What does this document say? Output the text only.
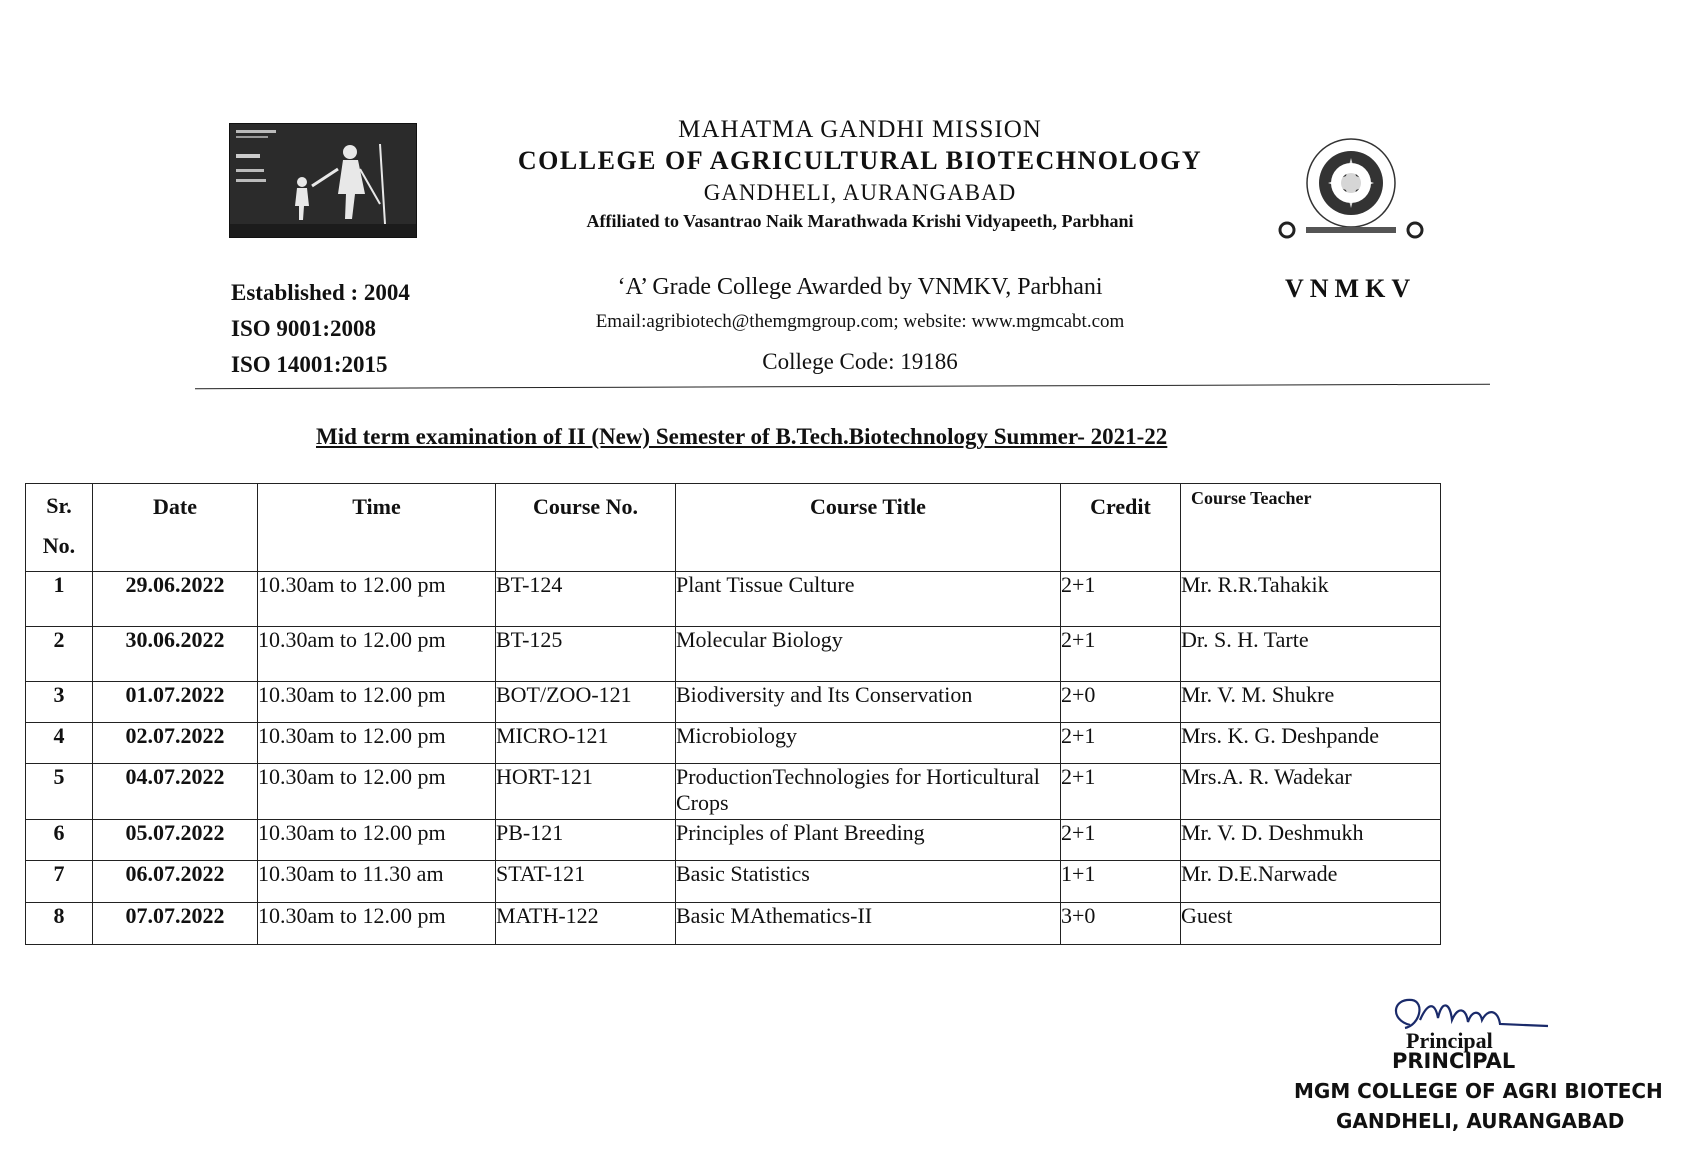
MAHATMA GANDHI MISSION
COLLEGE OF AGRICULTURAL BIOTECHNOLOGY
GANDHELI, AURANGABAD
Affiliated to Vasantrao Naik Marathwada Krishi Vidyapeeth, Parbhani
VNMKV
Established : 2004
ISO 9001:2008
ISO 14001:2015
‘A’ Grade College Awarded by VNMKV, Parbhani
Email:agribiotech@themgmgroup.com; website: www.mgmcabt.com
College Code: 19186
Mid term examination of II (New) Semester of B.Tech.Biotechnology Summer- 2021-22
Sr.
No.	Date	Time	Course No.	Course Title	Credit	Course Teacher
1	29.06.2022	10.30am to 12.00 pm	BT-124	Plant Tissue Culture	2+1	Mr. R.R.Tahakik
2	30.06.2022	10.30am to 12.00 pm	BT-125	Molecular Biology	2+1	Dr. S. H. Tarte
3	01.07.2022	10.30am to 12.00 pm	BOT/ZOO-121	Biodiversity and Its Conservation	2+0	Mr. V. M. Shukre
4	02.07.2022	10.30am to 12.00 pm	MICRO-121	Microbiology	2+1	Mrs. K. G. Deshpande
5	04.07.2022	10.30am to 12.00 pm	HORT-121	ProductionTechnologies for Horticultural Crops	2+1	Mrs.A. R. Wadekar
6	05.07.2022	10.30am to 12.00 pm	PB-121	Principles of Plant Breeding	2+1	Mr. V. D. Deshmukh
7	06.07.2022	10.30am to 11.30 am	STAT-121	Basic Statistics	1+1	Mr. D.E.Narwade
8	07.07.2022	10.30am to 12.00 pm	MATH-122	Basic MAthematics-II	3+0	Guest
Principal
PRINCIPAL
MGM COLLEGE OF AGRI BIOTECH
GANDHELI, AURANGABAD
